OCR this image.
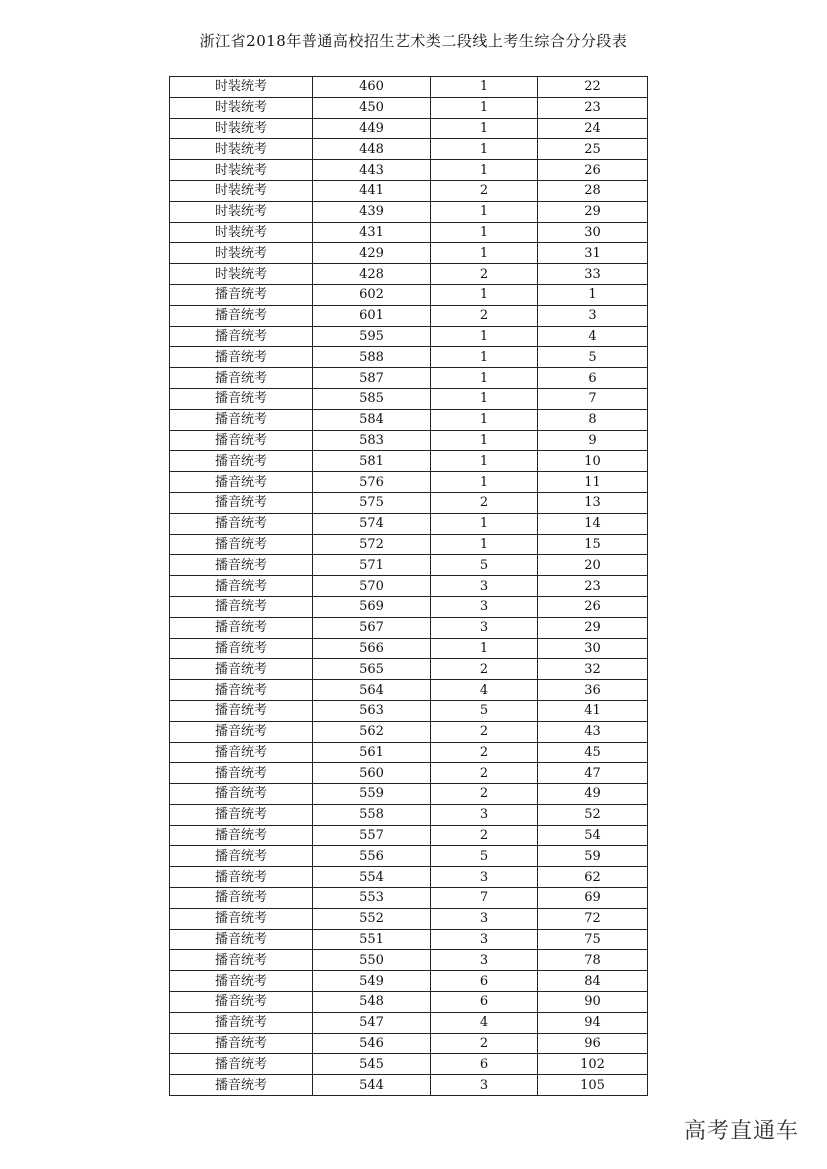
浙江省2018年普通高校招生艺术类二段线上考生综合分分段表
时装统考	460	1	22
时装统考	450	1	23
时装统考	449	1	24
时装统考	448	1	25
时装统考	443	1	26
时装统考	441	2	28
时装统考	439	1	29
时装统考	431	1	30
时装统考	429	1	31
时装统考	428	2	33
播音统考	602	1	1
播音统考	601	2	3
播音统考	595	1	4
播音统考	588	1	5
播音统考	587	1	6
播音统考	585	1	7
播音统考	584	1	8
播音统考	583	1	9
播音统考	581	1	10
播音统考	576	1	11
播音统考	575	2	13
播音统考	574	1	14
播音统考	572	1	15
播音统考	571	5	20
播音统考	570	3	23
播音统考	569	3	26
播音统考	567	3	29
播音统考	566	1	30
播音统考	565	2	32
播音统考	564	4	36
播音统考	563	5	41
播音统考	562	2	43
播音统考	561	2	45
播音统考	560	2	47
播音统考	559	2	49
播音统考	558	3	52
播音统考	557	2	54
播音统考	556	5	59
播音统考	554	3	62
播音统考	553	7	69
播音统考	552	3	72
播音统考	551	3	75
播音统考	550	3	78
播音统考	549	6	84
播音统考	548	6	90
播音统考	547	4	94
播音统考	546	2	96
播音统考	545	6	102
播音统考	544	3	105
高考直通车
